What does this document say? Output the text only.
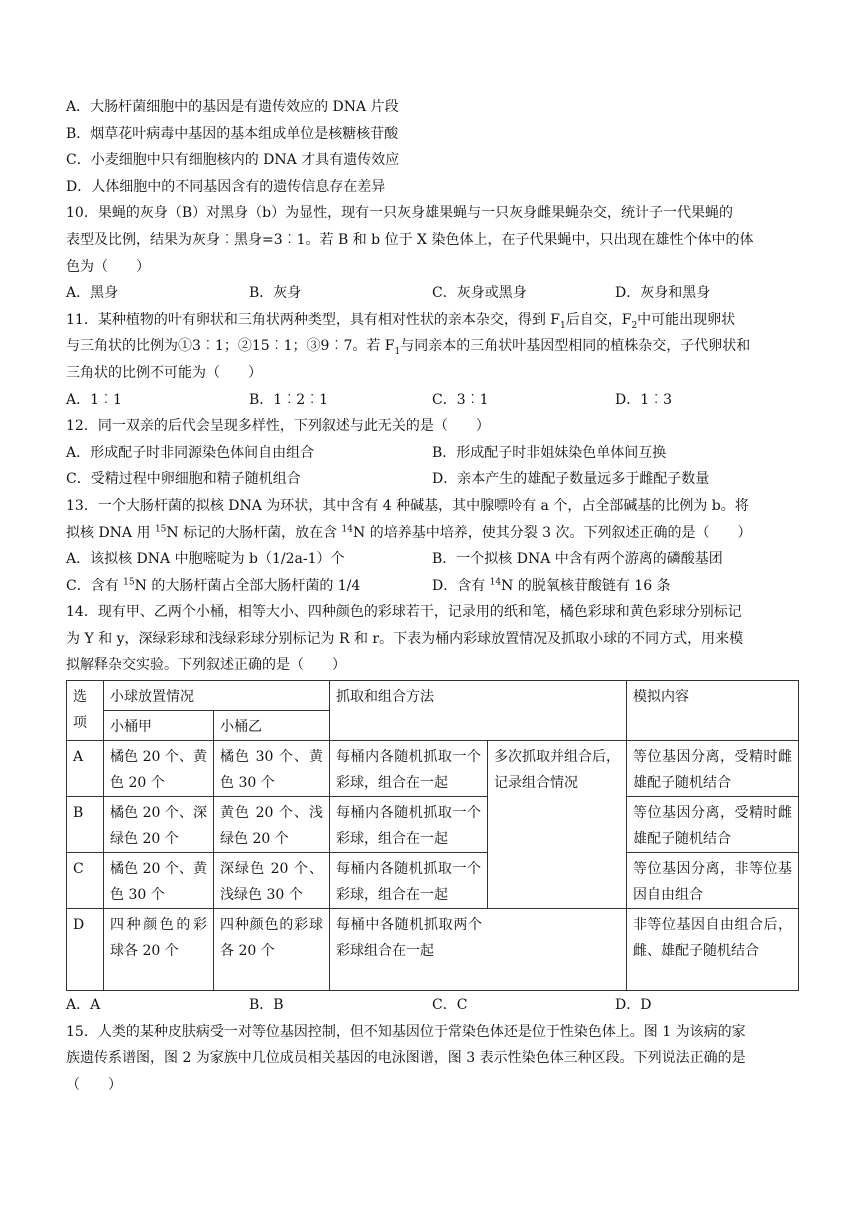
A．大肠杆菌细胞中的基因是有遗传效应的 DNA 片段
B．烟草花叶病毒中基因的基本组成单位是核糖核苷酸
C．小麦细胞中只有细胞核内的 DNA 才具有遗传效应
D．人体细胞中的不同基因含有的遗传信息存在差异
10．果蝇的灰身（B）对黑身（b）为显性，现有一只灰身雄果蝇与一只灰身雌果蝇杂交，统计子一代果蝇的
表型及比例，结果为灰身︰黑身=3︰1。若 B 和 b 位于 X 染色体上，在子代果蝇中，只出现在雄性个体中的体
色为（　　）
A．黑身	B．灰身	C．灰身或黑身	D．灰身和黑身
11．某种植物的叶有卵状和三角状两种类型，具有相对性状的亲本杂交，得到 $F_1$后自交，$F_2$中可能出现卵状
与三角状的比例为①3︰1；②15︰1；③9︰7。若 $F_1$与同亲本的三角状叶基因型相同的植株杂交，子代卵状和
三角状的比例不可能为（　　）
A．1︰1	B．1︰2︰1	C．3︰1	D．1︰3
12．同一双亲的后代会呈现多样性，下列叙述与此无关的是（　　）
A．形成配子时非同源染色体间自由组合	B．形成配子时非姐妹染色单体间互换
C．受精过程中卵细胞和精子随机组合	D．亲本产生的雄配子数量远多于雌配子数量
13．一个大肠杆菌的拟核 DNA 为环状，其中含有 4 种碱基，其中腺嘌呤有 a 个，占全部碱基的比例为 b。将
拟核 DNA 用 $^{15}$N 标记的大肠杆菌，放在含 $^{14}$N 的培养基中培养，使其分裂 3 次。下列叙述正确的是（　　）
A．该拟核 DNA 中胞嘧啶为 b（1/2a-1）个	B．一个拟核 DNA 中含有两个游离的磷酸基团
C．含有 $^{15}$N 的大肠杆菌占全部大肠杆菌的 1/4	D．含有 $^{14}$N 的脱氧核苷酸链有 16 条
14．现有甲、乙两个小桶，相等大小、四种颜色的彩球若干，记录用的纸和笔，橘色彩球和黄色彩球分别标记
为 Y 和 y，深绿彩球和浅绿彩球分别标记为 R 和 r。下表为桶内彩球放置情况及抓取小球的不同方式，用来模
拟解释杂交实验。下列叙述正确的是（　　）
选项	小球放置情况		抓取和组合方法		模拟内容
	小桶甲	小桶乙			
A	橘色 20 个、黄色 20 个	橘色 30 个、黄色 30 个	每桶内各随机抓取一个彩球，组合在一起	多次抓取并组合后，记录组合情况	等位基因分离，受精时雌雄配子随机结合
B	橘色 20 个、深绿色 20 个	黄色 20 个、浅绿色 20 个	每桶内各随机抓取一个彩球，组合在一起		等位基因分离，受精时雌雄配子随机结合
C	橘色 20 个、黄色 30 个	深绿色 20 个、浅绿色 30 个	每桶内各随机抓取一个彩球，组合在一起		等位基因分离，非等位基因自由组合
D	四种颜色的彩球各 20 个	四种颜色的彩球各 20 个	每桶中各随机抓取两个彩球组合在一起		非等位基因自由组合后，雌、雄配子随机结合
A．A	B．B	C．C	D．D
15．人类的某种皮肤病受一对等位基因控制，但不知基因位于常染色体还是位于性染色体上。图 1 为该病的家
族遗传系谱图，图 2 为家族中几位成员相关基因的电泳图谱，图 3 表示性染色体三种区段。下列说法正确的是
（　　）
